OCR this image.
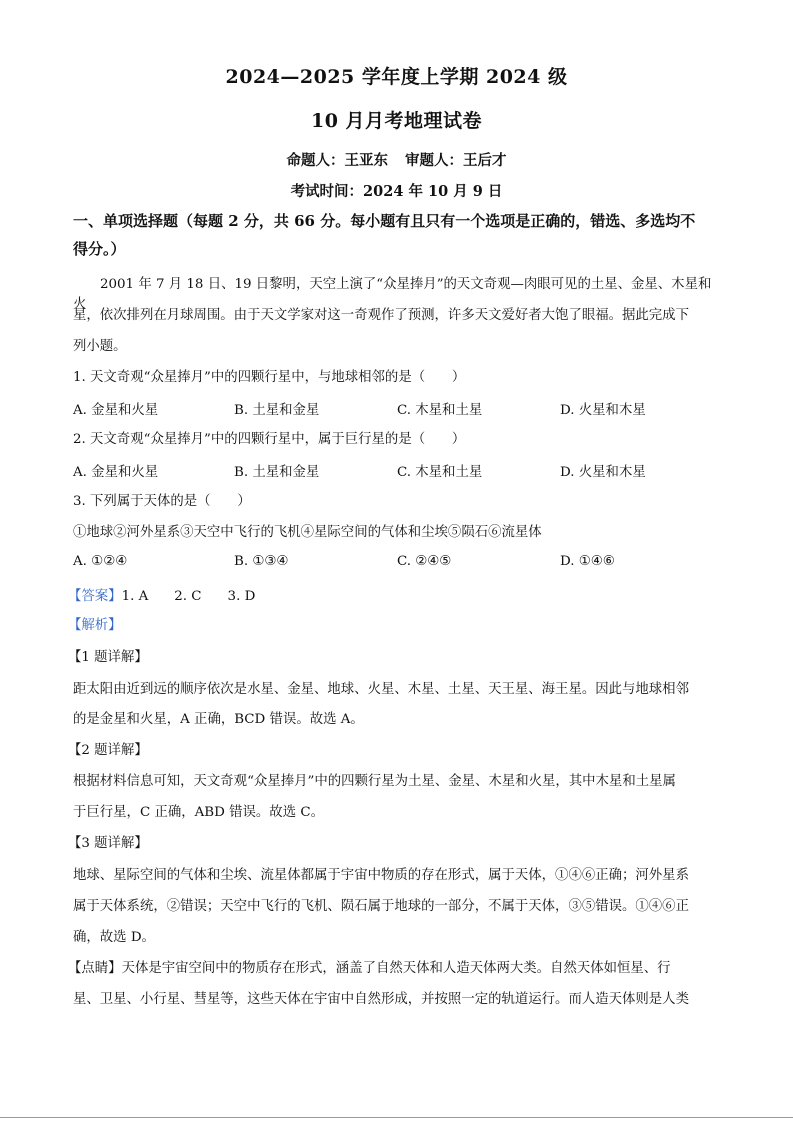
2024—2025 学年度上学期 2024 级
10 月月考地理试卷
命题人：王亚东 审题人：王后才
考试时间：2024 年 10 月 9 日
一、单项选择题（每题 2 分，共 66 分。每小题有且只有一个选项是正确的，错选、多选均不
得分。）
2001 年 7 月 18 日、19 日黎明，天空上演了“众星捧月”的天文奇观—肉眼可见的土星、金星、木星和火
星，依次排列在月球周围。由于天文学家对这一奇观作了预测，许多天文爱好者大饱了眼福。据此完成下
列小题。
1. 天文奇观“众星捧月”中的四颗行星中，与地球相邻的是（　　）
A. 金星和火星	B. 土星和金星	C. 木星和土星	D. 火星和木星
2. 天文奇观“众星捧月”中的四颗行星中，属于巨行星的是（　　）
A. 金星和火星	B. 土星和金星	C. 木星和土星	D. 火星和木星
3. 下列属于天体的是（　　）
①地球②河外星系③天空中飞行的飞机④星际空间的气体和尘埃⑤陨石⑥流星体
A. ①②④	B. ①③④	C. ②④⑤	D. ①④⑥
【答案】1. A 2. C 3. D
【解析】
【1 题详解】
距太阳由近到远的顺序依次是水星、金星、地球、火星、木星、土星、天王星、海王星。因此与地球相邻
的是金星和火星，A 正确，BCD 错误。故选 A。
【2 题详解】
根据材料信息可知，天文奇观“众星捧月”中的四颗行星为土星、金星、木星和火星，其中木星和土星属
于巨行星，C 正确，ABD 错误。故选 C。
【3 题详解】
地球、星际空间的气体和尘埃、流星体都属于宇宙中物质的存在形式，属于天体，①④⑥正确；河外星系
属于天体系统，②错误；天空中飞行的飞机、陨石属于地球的一部分，不属于天体，③⑤错误。①④⑥正
确，故选 D。
【点睛】天体是宇宙空间中的物质存在形式，涵盖了自然天体和人造天体两大类。自然天体如恒星、行
星、卫星、小行星、彗星等，这些天体在宇宙中自然形成，并按照一定的轨道运行。而人造天体则是人类
